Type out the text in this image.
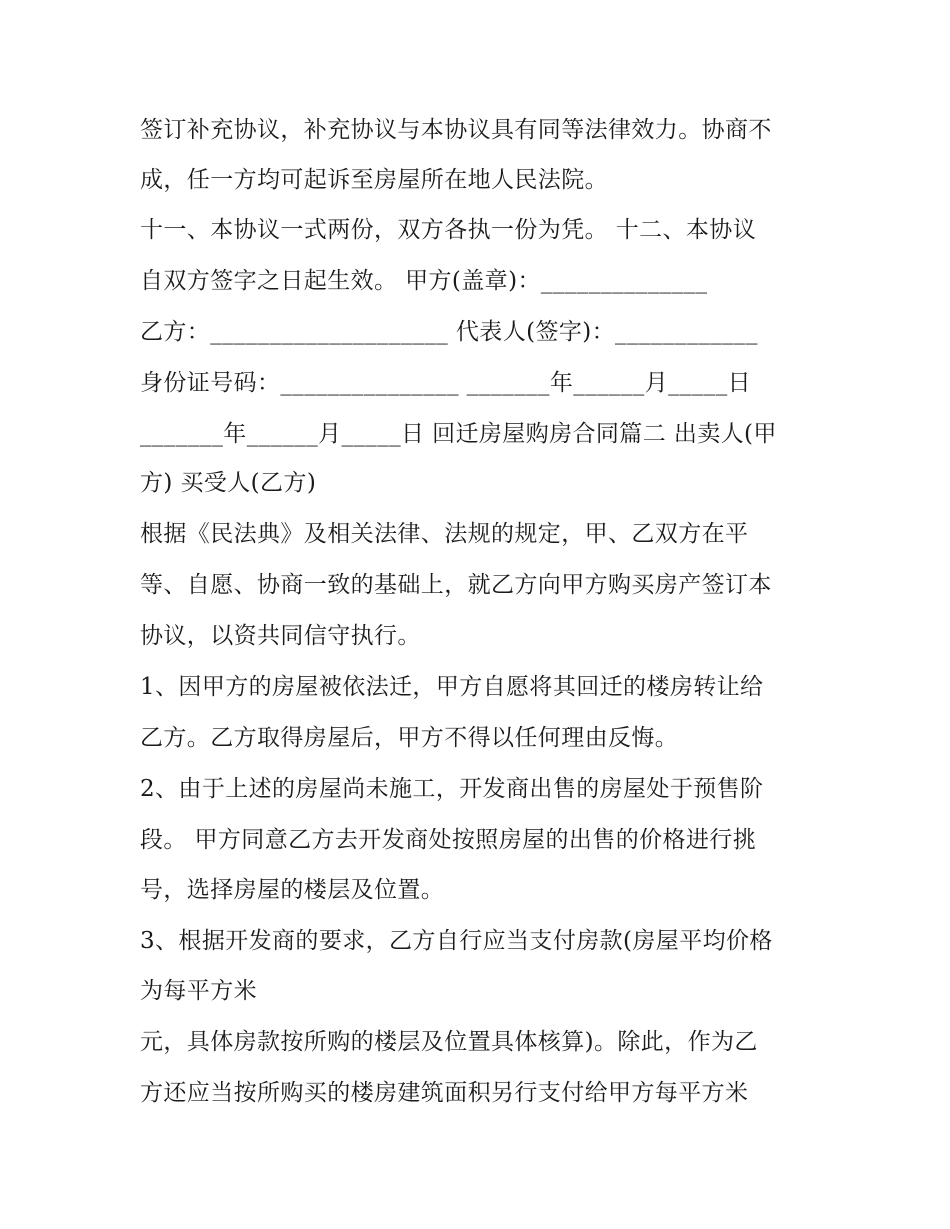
签订补充协议，补充协议与本协议具有同等法律效力。协商不
成，任一方均可起诉至房屋所在地人民法院。
十一、本协议一式两份，双方各执一份为凭。 十二、本协议
自双方签字之日起生效。 甲方(盖章)：______________
乙方：____________________ 代表人(签字)：____________
身份证号码：_______________ _______年______月_____日
_______年______月_____日 回迁房屋购房合同篇二 出卖人(甲
方) 买受人(乙方)
根据《民法典》及相关法律、法规的规定，甲、乙双方在平
等、自愿、协商一致的基础上，就乙方向甲方购买房产签订本
协议，以资共同信守执行。
1、因甲方的房屋被依法迁，甲方自愿将其回迁的楼房转让给
乙方。乙方取得房屋后，甲方不得以任何理由反悔。
2、由于上述的房屋尚未施工，开发商出售的房屋处于预售阶
段。 甲方同意乙方去开发商处按照房屋的出售的价格进行挑
号，选择房屋的楼层及位置。
3、根据开发商的要求，乙方自行应当支付房款(房屋平均价格
为每平方米
元，具体房款按所购的楼层及位置具体核算)。除此，作为乙
方还应当按所购买的楼房建筑面积另行支付给甲方每平方米
